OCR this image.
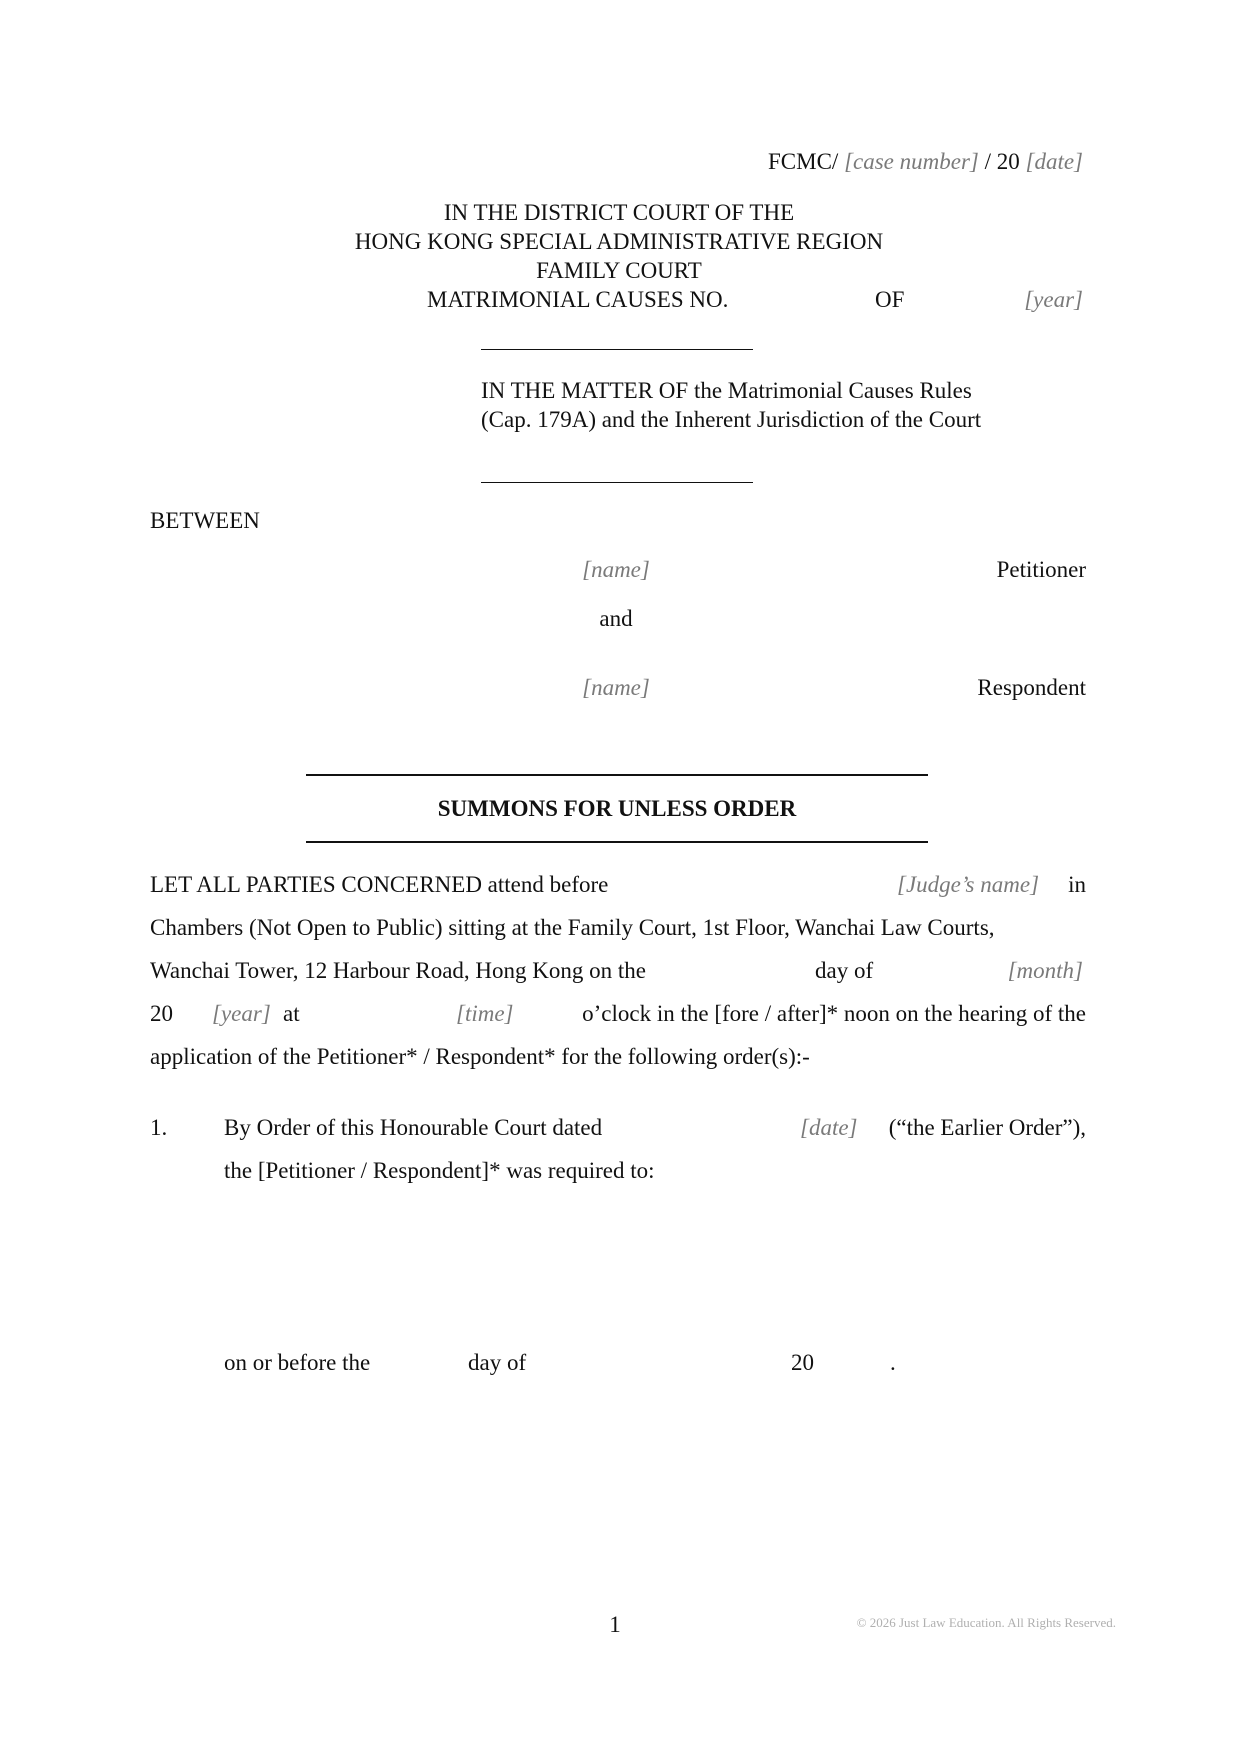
FCMC/ [case number] / 20 [date]
IN THE DISTRICT COURT OF THE
HONG KONG SPECIAL ADMINISTRATIVE REGION
FAMILY COURT
MATRIMONIAL CAUSES NO.	OF	[year]
IN THE MATTER OF the Matrimonial Causes Rules
(Cap. 179A) and the Inherent Jurisdiction of the Court
BETWEEN
[name]	Petitioner
and
[name]	Respondent
SUMMONS FOR UNLESS ORDER
LET ALL PARTIES CONCERNED attend before	[Judge’s name] in
Chambers (Not Open to Public) sitting at the Family Court, 1st Floor, Wanchai Law Courts,
Wanchai Tower, 12 Harbour Road, Hong Kong on the	day of	[month]
20 [year] at	[time]	o’clock in the [fore / after]* noon on the hearing of the
application of the Petitioner* / Respondent* for the following order(s):-
1. By Order of this Honourable Court dated	[date] (“the Earlier Order”),
the [Petitioner / Respondent]* was required to:
on or before the	day of	20	.
1	© 2026 Just Law Education. All Rights Reserved.
